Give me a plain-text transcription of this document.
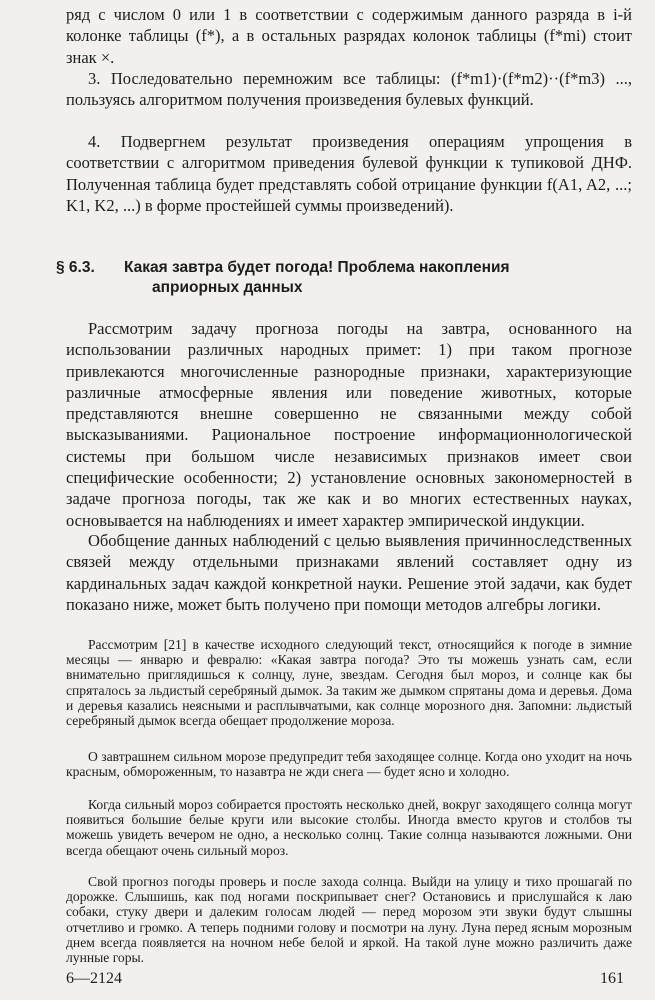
ряд с числом 0 или 1 в соответствии с содержимым данного разряда в i-й колонке таблицы (f*), а в остальных разрядах колонок таблицы (f*mi) стоит знак ×.

3. Последовательно перемножим все таблицы: (f*m1)·(f*m2)··(f*m3) ..., пользуясь алгоритмом получения произведения булевых функций.

4. Подвергнем результат произведения операциям упрощения в соответствии с алгоритмом приведения булевой функции к тупиковой ДНФ. Полученная таблица будет представлять собой отрицание функции f(A1, A2, ...; K1, K2, ...) в форме простейшей суммы произведений).

§ 6.3.	Какая завтра будет погода! Проблема накопления
априорных данных

Рассмотрим задачу прогноза погоды на завтра, основанного на использовании различных народных примет: 1) при таком прогнозе привлекаются многочисленные разнородные признаки, характеризующие различные атмосферные явления или поведение животных, которые представляются внешне совершенно не связанными между собой высказываниями. Рациональное построение информационнологической системы при большом числе независимых признаков имеет свои специфические особенности; 2) установление основных закономерностей в задаче прогноза погоды, так же как и во многих естественных науках, основывается на наблюдениях и имеет характер эмпирической индукции.

Обобщение данных наблюдений с целью выявления причинноследственных связей между отдельными признаками явлений составляет одну из кардинальных задач каждой конкретной науки. Решение этой задачи, как будет показано ниже, может быть получено при помощи методов алгебры логики.

Рассмотрим [21] в качестве исходного следующий текст, относящийся к погоде в зимние месяцы — январю и февралю: «Какая завтра погода? Это ты можешь узнать сам, если внимательно приглядишься к солнцу, луне, звездам. Сегодня был мороз, и солнце как бы спряталось за льдистый серебряный дымок. За таким же дымком спрятаны дома и деревья. Дома и деревья казались неясными и расплывчатыми, как солнце морозного дня. Запомни: льдистый серебряный дымок всегда обещает продолжение мороза.

О завтрашнем сильном морозе предупредит тебя заходящее солнце. Когда оно уходит на ночь красным, обмороженным, то назавтра не жди снега — будет ясно и холодно.

Когда сильный мороз собирается простоять несколько дней, вокруг заходящего солнца могут появиться большие белые круги или высокие столбы. Иногда вместо кругов и столбов ты можешь увидеть вечером не одно, а несколько солнц. Такие солнца называются ложными. Они всегда обещают очень сильный мороз.

Свой прогноз погоды проверь и после захода солнца. Выйди на улицу и тихо прошагай по дорожке. Слышишь, как под ногами поскрипывает снег? Остановись и прислушайся к лаю собаки, стуку двери и далеким голосам людей — перед морозом эти звуки будут слышны отчетливо и громко. А теперь подними голову и посмотри на луну. Луна перед ясным морозным днем всегда появляется на ночном небе белой и яркой. На такой луне можно различить даже лунные горы.

6—2124	161
